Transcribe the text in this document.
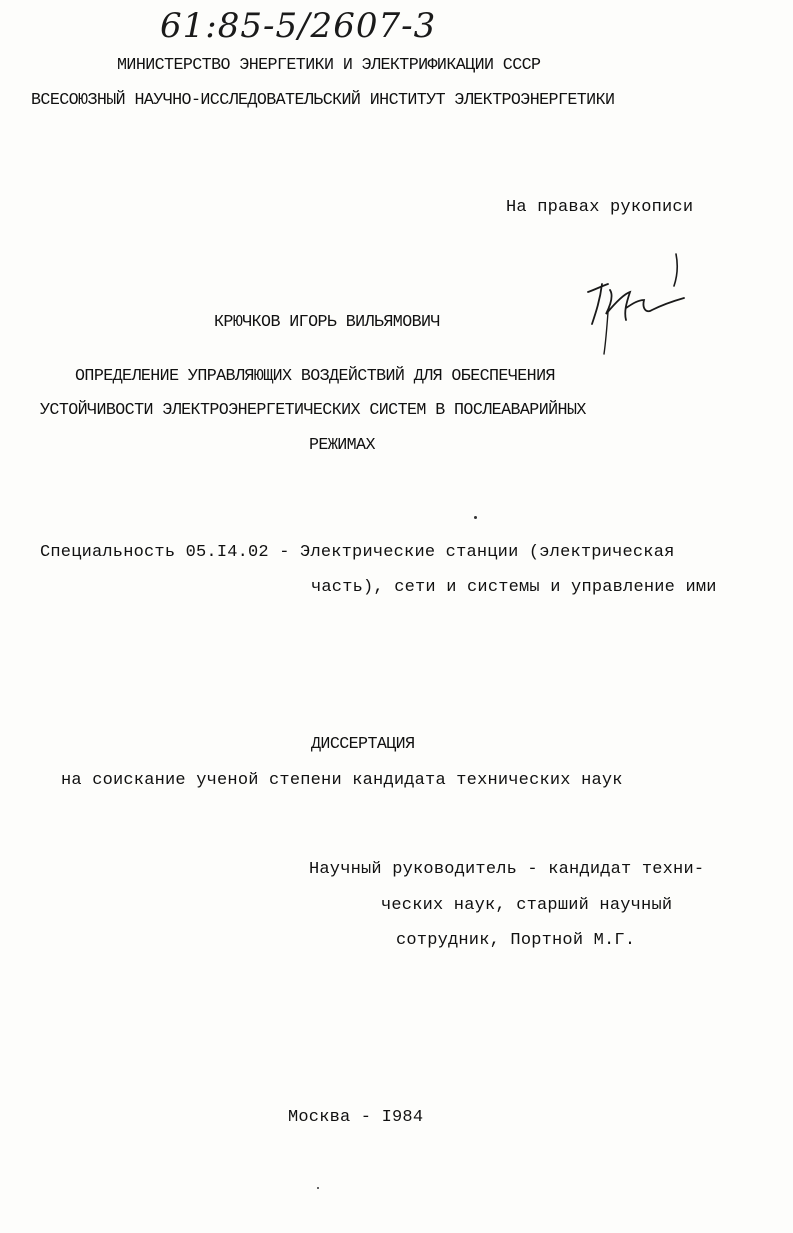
61:85-5/2607-3
МИНИСТЕРСТВО ЭНЕРГЕТИКИ И ЭЛЕКТРИФИКАЦИИ СССР
ВСЕСОЮЗНЫЙ НАУЧНО-ИССЛЕДОВАТЕЛЬСКИЙ ИНСТИТУТ ЭЛЕКТРОЭНЕРГЕТИКИ
На правах рукописи
КРЮЧКОВ ИГОРЬ ВИЛЬЯМОВИЧ
ОПРЕДЕЛЕНИЕ УПРАВЛЯЮЩИХ ВОЗДЕЙСТВИЙ ДЛЯ ОБЕСПЕЧЕНИЯ
УСТОЙЧИВОСТИ ЭЛЕКТРОЭНЕРГЕТИЧЕСКИХ СИСТЕМ В ПОСЛЕАВАРИЙНЫХ
РЕЖИМАХ
Специальность 05.I4.02 - Электрические станции (электрическая
часть), сети и системы и управление ими
ДИССЕРТАЦИЯ
на соискание ученой степени кандидата технических наук
Научный руководитель - кандидат техни-
ческих наук, старший научный
сотрудник, Портной М.Г.
Москва - I984
